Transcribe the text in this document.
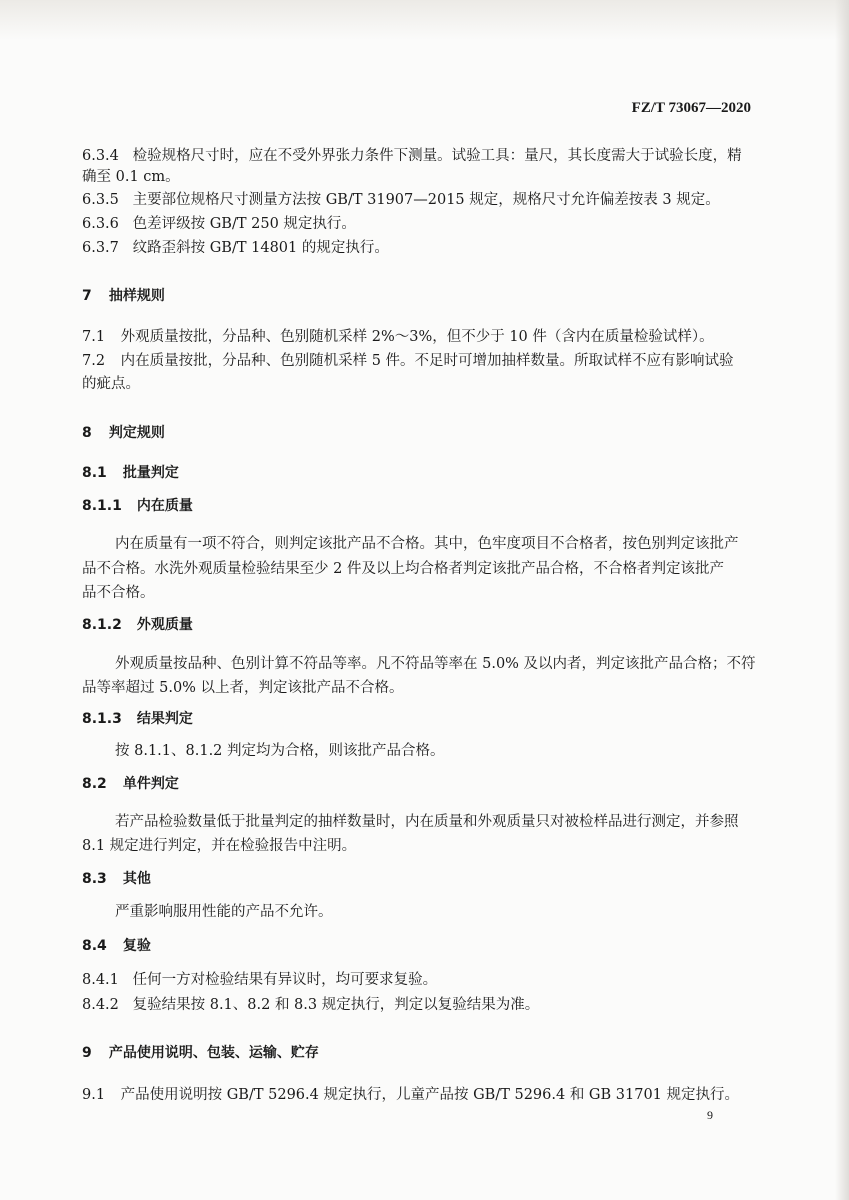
FZ/T 73067—2020
6.3.4 检验规格尺寸时，应在不受外界张力条件下测量。试验工具：量尺，其长度需大于试验长度，精
确至 0.1 cm。
6.3.5 主要部位规格尺寸测量方法按 GB/T 31907—2015 规定，规格尺寸允许偏差按表 3 规定。
6.3.6 色差评级按 GB/T 250 规定执行。
6.3.7 纹路歪斜按 GB/T 14801 的规定执行。
7 抽样规则
7.1 外观质量按批，分品种、色别随机采样 2%～3%，但不少于 10 件（含内在质量检验试样）。
7.2 内在质量按批，分品种、色别随机采样 5 件。不足时可增加抽样数量。所取试样不应有影响试验
的疵点。
8 判定规则
8.1 批量判定
8.1.1 内在质量
内在质量有一项不符合，则判定该批产品不合格。其中，色牢度项目不合格者，按色别判定该批产
品不合格。水洗外观质量检验结果至少 2 件及以上均合格者判定该批产品合格，不合格者判定该批产
品不合格。
8.1.2 外观质量
外观质量按品种、色别计算不符品等率。凡不符品等率在 5.0% 及以内者，判定该批产品合格；不符
品等率超过 5.0% 以上者，判定该批产品不合格。
8.1.3 结果判定
按 8.1.1、8.1.2 判定均为合格，则该批产品合格。
8.2 单件判定
若产品检验数量低于批量判定的抽样数量时，内在质量和外观质量只对被检样品进行测定，并参照
8.1 规定进行判定，并在检验报告中注明。
8.3 其他
严重影响服用性能的产品不允许。
8.4 复验
8.4.1 任何一方对检验结果有异议时，均可要求复验。
8.4.2 复验结果按 8.1、8.2 和 8.3 规定执行，判定以复验结果为准。
9 产品使用说明、包装、运输、贮存
9.1 产品使用说明按 GB/T 5296.4 规定执行，儿童产品按 GB/T 5296.4 和 GB 31701 规定执行。
9
